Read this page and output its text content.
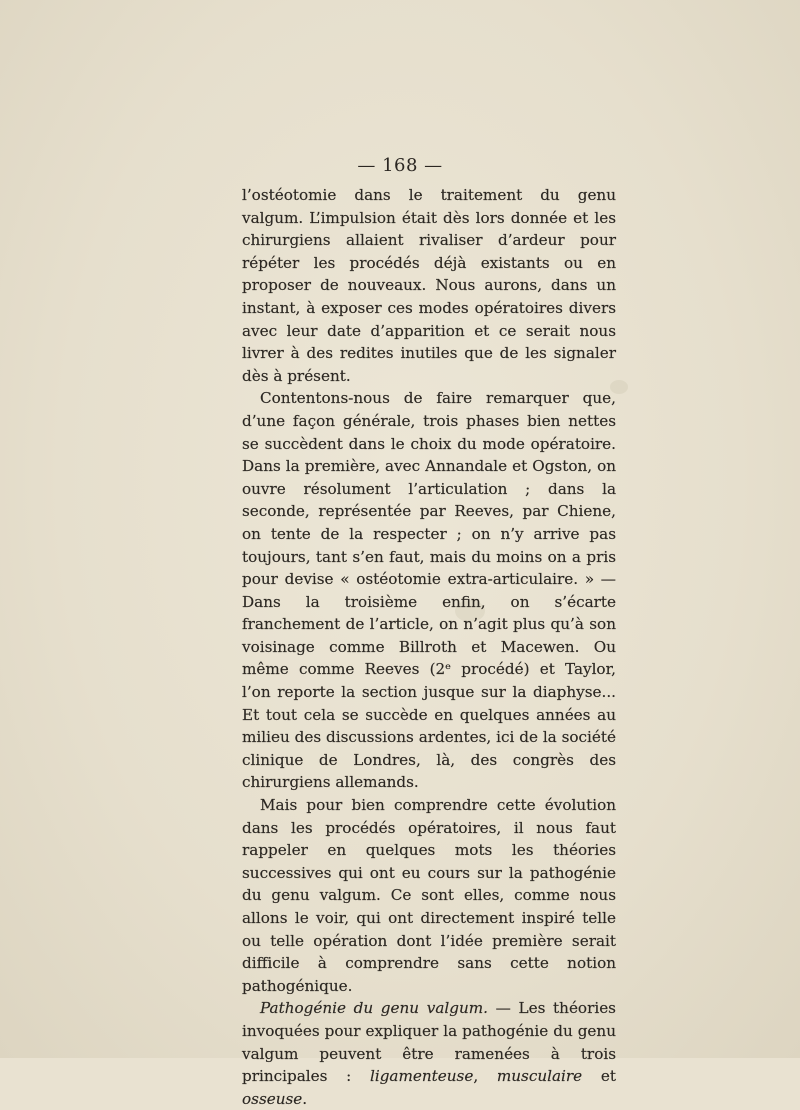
— 168 —

l’ostéotomie dans le traitement du genu valgum. L’impulsion était dès lors donnée et les chirurgiens allaient rivaliser d’ardeur pour répéter les procédés déjà existants ou en proposer de nouveaux. Nous aurons, dans un instant, à exposer ces modes opératoires divers avec leur date d’apparition et ce serait nous livrer à des redites inutiles que de les signaler dès à présent.

Contentons-nous de faire remarquer que, d’une façon générale, trois phases bien nettes se succèdent dans le choix du mode opératoire. Dans la première, avec Annandale et Ogston, on ouvre résolument l’articulation ; dans la seconde, représentée par Reeves, par Chiene, on tente de la respecter ; on n’y arrive pas toujours, tant s’en faut, mais du moins on a pris pour devise « ostéotomie extra-articulaire. » — Dans la troisième enfin, on s’écarte franchement de l’article, on n’agit plus qu’à son voisinage comme Billroth et Macewen. Ou même comme Reeves (2ᵉ procédé) et Taylor, l’on reporte la section jusque sur la diaphyse... Et tout cela se succède en quelques années au milieu des discussions ardentes, ici de la société clinique de Londres, là, des congrès des chirurgiens allemands.

Mais pour bien comprendre cette évolution dans les procédés opératoires, il nous faut rappeler en quelques mots les théories successives qui ont eu cours sur la pathogénie du genu valgum. Ce sont elles, comme nous allons le voir, qui ont directement inspiré telle ou telle opération dont l’idée première serait difficile à comprendre sans cette notion pathogénique.

Pathogénie du genu valgum. — Les théories invoquées pour expliquer la pathogénie du genu valgum peuvent être ramenées à trois principales : ligamenteuse, musculaire et osseuse.
